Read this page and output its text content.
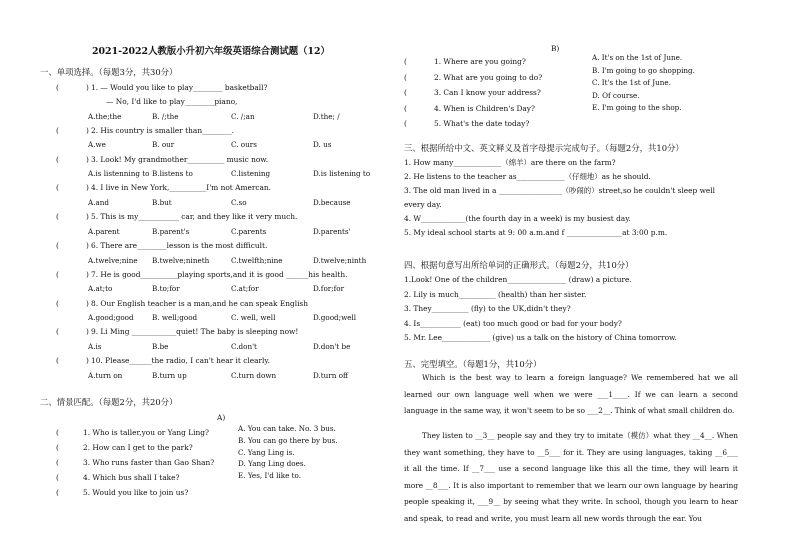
2021-2022人教版小升初六年级英语综合测试题（12）
一、单项选择。（每题3分，共30分）
(	) 1. — Would you like to play________ basketball?
— No, I'd like to play________piano,
A.the;the	B. /;the	C. /;an	D.the; /
(	) 2. His country is smaller than________.
A.we	B. our	C. ours	D. us
(	) 3. Look! My grandmother__________ music now.
A.is listenning to B.listens to	C.listening	D.is listening to
(	) 4. I live in New York,__________I'm not Amercan.
A.and	B.but	C.so	D.because
(	) 5. This is my___________ car, and they like it very much.
A.parent	B.parent's	C.parents	D.parents'
(	) 6. There are________lesson is the most difficult.
A.twelve;nine B.twelve;nineth	C.twelfth;nine	D.twelve;ninth
(	) 7. He is good__________playing sports,and it is good ______his health.
A.at;to	B.to;for	C.at;for	D.for;for
(	) 8. Our English teacher is a man,and he can speak English
A.good;good	B. well;good	C. well, well	D.good;well
(	) 9. Li Ming ____________quiet! The baby is sleeping now!
A.is	B.be	C.don't	D.don't be
(	) 10. Please______the radio, I can't hear it clearly.
A.turn on	B.turn up	C.turn down	D.turn off
二、情景匹配。（每题2分，共20分）
A)
(	1. Who is taller,you or Yang Ling?
(	2. How can I get to the park?
(	3. Who runs faster than Gao Shan?
(	4. Which bus shall I take?
(	5. Would you like to join us?
A. You can take. No. 3 bus.
B. You can go there by bus.
C. Yang Ling is.
D. Yang Ling does.
E. Yes, I'd like to.
B)
(	1. Where are you going?
(	2. What are you going to do?
(	3. Can I know your address?
(	4. When is Children's Day?
(	5. What's the date today?
A. It's on the 1st of June.
B. I'm going to go shopping.
C. It's the 1st of June.
D. Of course.
E. I'm going to the shop.
三、根据所给中文、英文释义及首字母提示完成句子。（每题2分，共10分）
1. How many_____________（绵羊）are there on the farm?
2. He listens to the teacher as_____________（仔细地）as he should.
3. The old man lived in a _________________（吵闹的）street,so he couldn't sleep well
every day.
4. W____________(the fourth day in a week) is my busiest day.
5. My ideal school starts at 9: 00 a.m.and f _______________at 3:00 p.m.
四、根据句意写出所给单词的正确形式。（每题2分，共10分）
1.Look! One of the children________________ (draw) a picture.
2. Lily is much__________ (health) than her sister.
3. They__________ (fly) to the UK,didn't they?
4. Is___________ (eat) too much good or bad for your body?
5. Mr. Lee_____________ (give) us a talk on the history of China tomorrow.
五、完型填空。（每题1分，共10分）
Which is the best way to learn a foreign language? We remembered hat we all learned our own language well when we were ___1____. If we can learn a second language in the same way, it won't seem to be so ___2__. Think of what small children do.
They listen to __3__ people say and they try to imitate（模仿）what they __4__. When they want something, they have to __5___ for it. They are using languages, taking __6___ it all the time. If __7___ use a second language like this all the time, they will learn it more __8___. It is also important to remember that we learn our own language by hearing people speaking it, ___9__ by seeing what they write. In school, though you learn to hear and speak, to read and write, you must learn all new words through the ear. You
